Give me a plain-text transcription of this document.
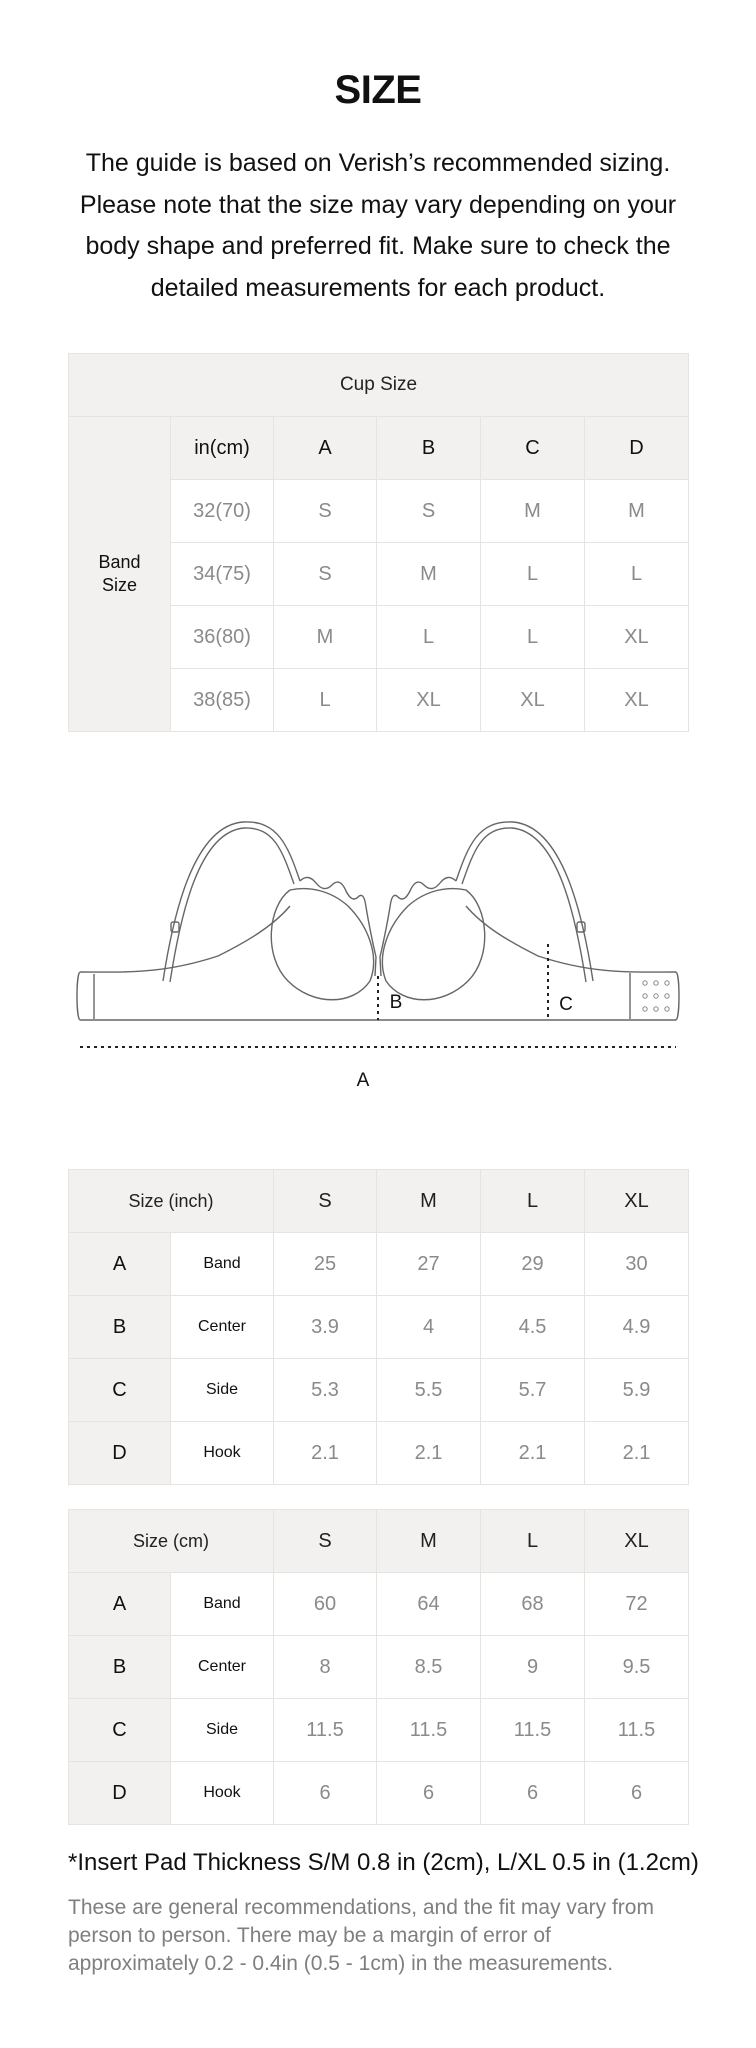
SIZE
The guide is based on Verish’s recommended sizing. Please note that the size may vary depending on your body shape and preferred fit. Make sure to check the detailed measurements for each product.
Cup Size					
Band Size	in(cm)	A	B	C	D
	32(70)	S	S	M	M
	34(75)	S	M	L	L
	36(80)	M	L	L	XL
	38(85)	L	XL	XL	XL
B	C
A
Size (inch)		S	M	L	XL
A	Band	25	27	29	30
B	Center	3.9	4	4.5	4.9
C	Side	5.3	5.5	5.7	5.9
D	Hook	2.1	2.1	2.1	2.1
Size (cm)		S	M	L	XL
A	Band	60	64	68	72
B	Center	8	8.5	9	9.5
C	Side	11.5	11.5	11.5	11.5
D	Hook	6	6	6	6
*Insert Pad Thickness S/M 0.8 in (2cm), L/XL 0.5 in (1.2cm)
These are general recommendations, and the fit may vary from person to person. There may be a margin of error of approximately 0.2 - 0.4in (0.5 - 1cm) in the measurements.
